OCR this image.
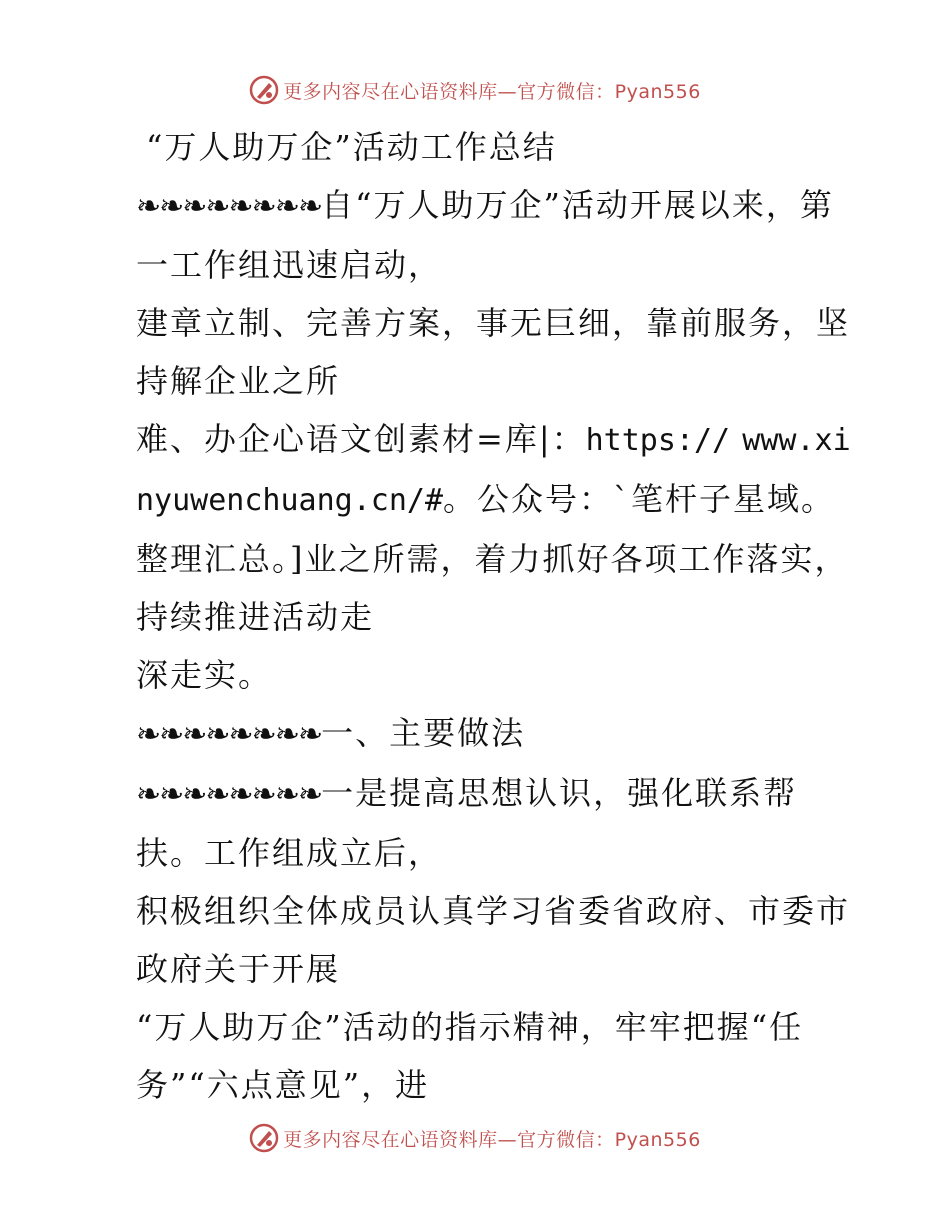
更多内容尽在心语资料库—官方微信：Pyan556

“万人助万企”活动工作总结

❧❧❧❧❧❧❧❧自“万人助万企”活动开展以来，第一工作组迅速启动，

建章立制、完善方案，事无巨细，靠前服务，坚持解企业之所

难、办企心语文创素材=库|：https:// www.xinyuwenchuang.cn/#。公众号：`笔杆子星域。整理汇总。]业之所需，着力抓好各项工作落实，持续推进活动走

深走实。

❧❧❧❧❧❧❧❧一、主要做法

❧❧❧❧❧❧❧❧一是提高思想认识，强化联系帮扶。工作组成立后，

积极组织全体成员认真学习省委省政府、市委市政府关于开展

“万人助万企”活动的指示精神，牢牢把握“任务”“六点意见”，进

更多内容尽在心语资料库—官方微信：Pyan556
